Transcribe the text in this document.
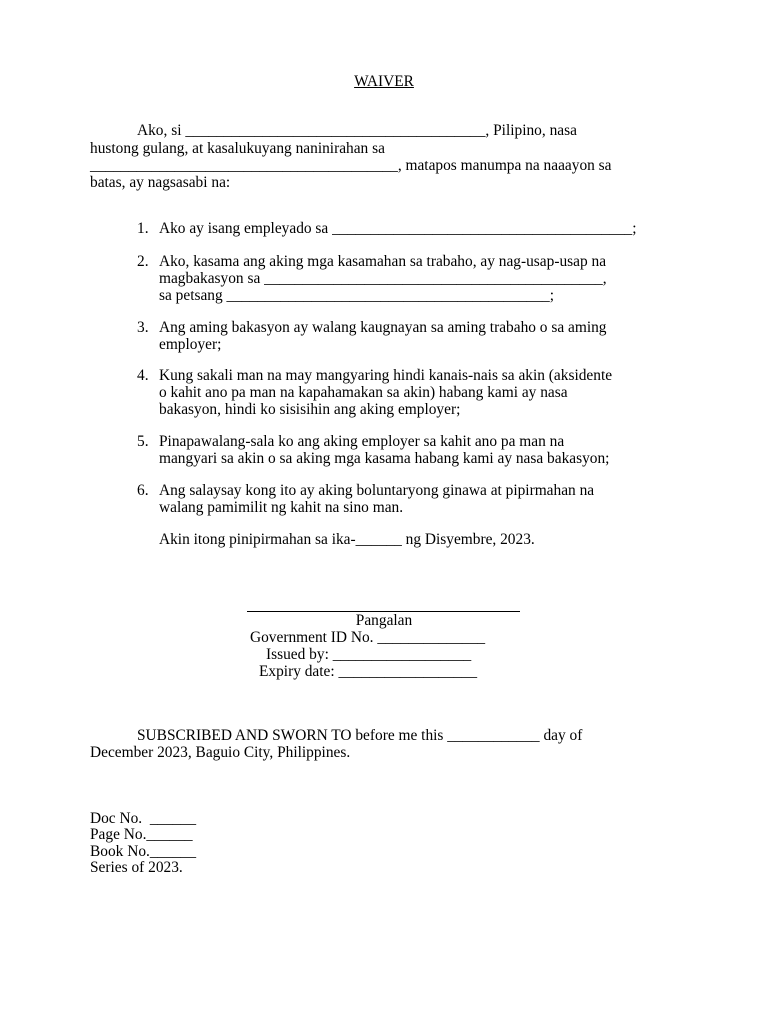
WAIVER
Ako, si _______________________________________, Pilipino, nasa
hustong gulang, at kasalukuyang naninirahan sa
________________________________________, matapos manumpa na naaayon sa
batas, ay nagsasabi na:
1. Ako ay isang empleyado sa _______________________________________;
2. Ako, kasama ang aking mga kasamahan sa trabaho, ay nag-usap-usap na
magbakasyon sa ____________________________________________,
sa petsang __________________________________________;
3. Ang aming bakasyon ay walang kaugnayan sa aming trabaho o sa aming
employer;
4. Kung sakali man na may mangyaring hindi kanais-nais sa akin (aksidente
o kahit ano pa man na kapahamakan sa akin) habang kami ay nasa
bakasyon, hindi ko sisisihin ang aking employer;
5. Pinapawalang-sala ko ang aking employer sa kahit ano pa man na
mangyari sa akin o sa aking mga kasama habang kami ay nasa bakasyon;
6. Ang salaysay kong ito ay aking boluntaryong ginawa at pipirmahan na
walang pamimilit ng kahit na sino man.
Akin itong pinipirmahan sa ika-______ ng Disyembre, 2023.
Pangalan
Government ID No. ______________
Issued by: __________________
Expiry date: __________________
SUBSCRIBED AND SWORN TO before me this ____________ day of
December 2023, Baguio City, Philippines.
Doc No.  ______
Page No.______
Book No.______
Series of 2023.
